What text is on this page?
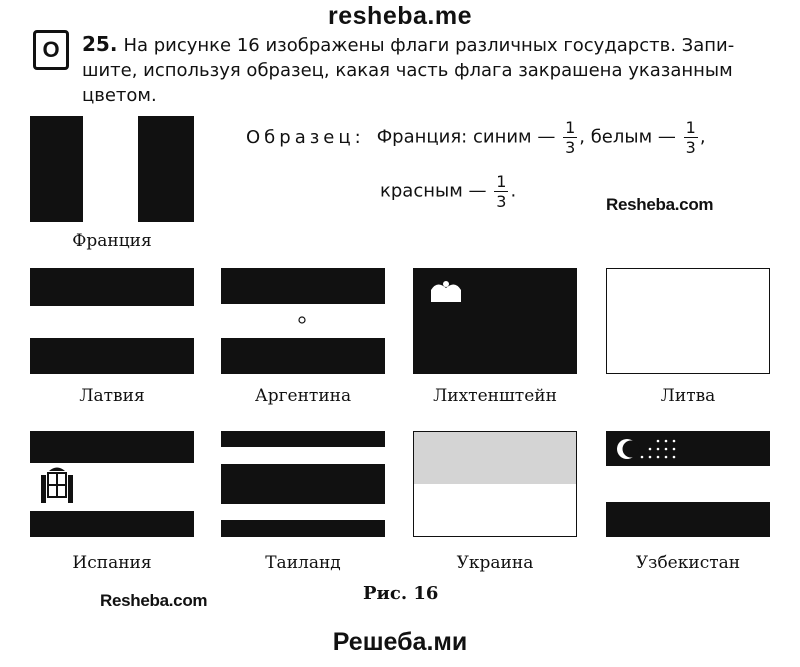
resheba.me
O	25. На рисунке 16 изображены флаги различных государств. Запи-
шите, используя образец, какая часть флага закрашена указанным
цветом.
Франция
Образец: Франция: синим — $\frac{1}{3}$ , белым — $\frac{1}{3}$ ,
красным — $\frac{1}{3}$ .
Resheba.com
Латвия	Аргентина	Лихтенштейн	Литва
Испания	Таиланд	Украина	Узбекистан
Resheba.com	Рис. 16
Решеба.ми
